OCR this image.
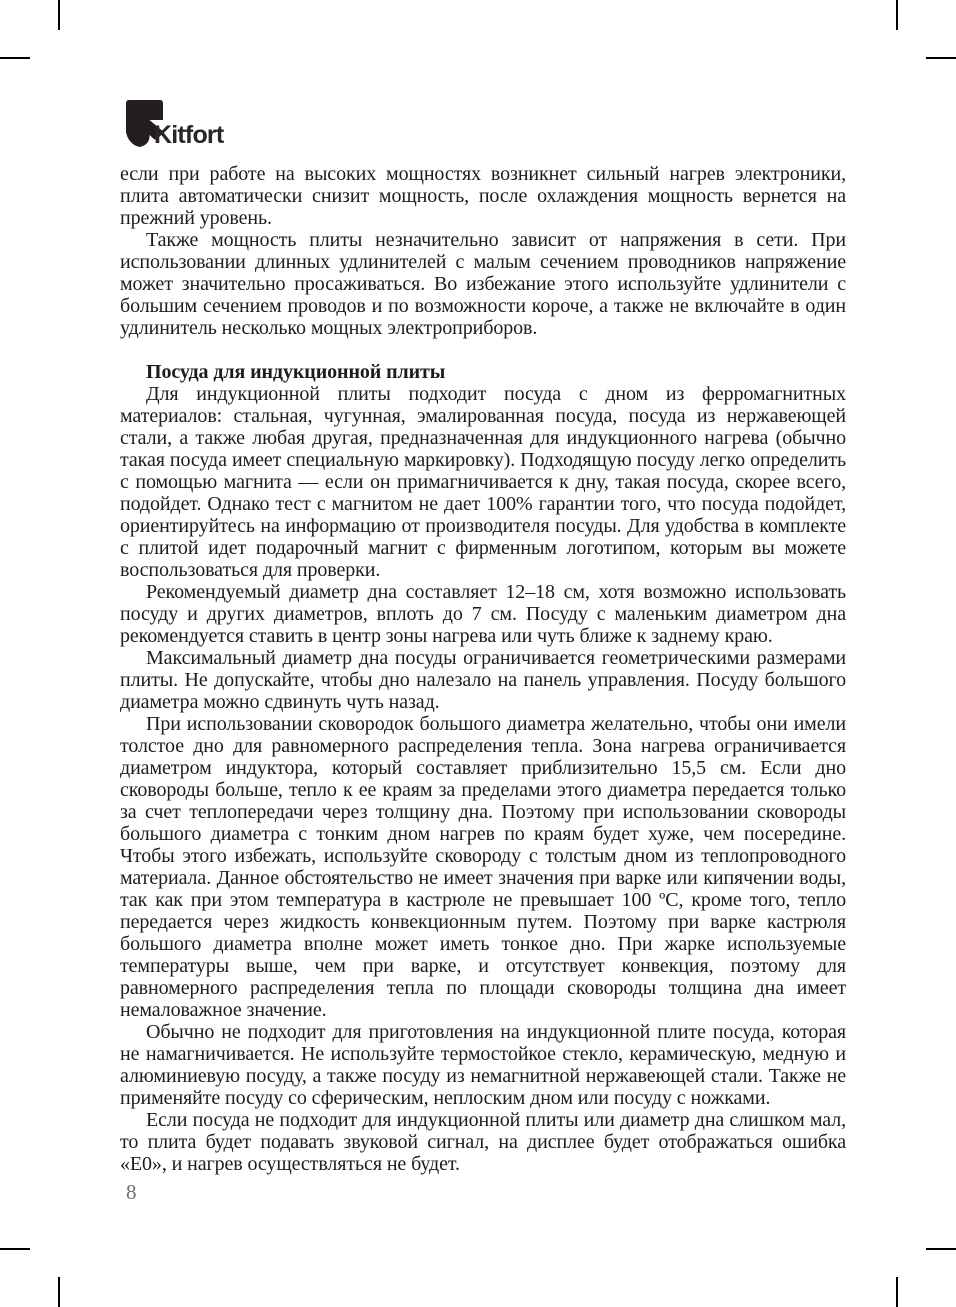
Kitfort

если при работе на высоких мощностях возникнет сильный нагрев электроники, плита автоматически снизит мощность, после охлаждения мощность вернется на прежний уровень.

Также мощность плиты незначительно зависит от напряжения в сети. При использовании длинных удлинителей с малым сечением проводников напряжение может значительно просаживаться. Во избежание этого используйте удлинители с большим сечением проводов и по возможности короче, а также не включайте в один удлинитель несколько мощных электроприборов.

Посуда для индукционной плиты

Для индукционной плиты подходит посуда с дном из ферромагнитных материалов: стальная, чугунная, эмалированная посуда, посуда из нержавеющей стали, а также любая другая, предназначенная для индукционного нагрева (обычно такая посуда имеет специальную маркировку). Подходящую посуду легко определить с помощью магнита — если он примагничивается к дну, такая посуда, скорее всего, подойдет. Однако тест с магнитом не дает 100% гарантии того, что посуда подойдет, ориентируйтесь на информацию от производителя посуды. Для удобства в комплекте с плитой идет подарочный магнит с фирменным логотипом, которым вы можете воспользоваться для проверки.

Рекомендуемый диаметр дна составляет 12–18 см, хотя возможно использовать посуду и других диаметров, вплоть до 7 см. Посуду с маленьким диаметром дна рекомендуется ставить в центр зоны нагрева или чуть ближе к заднему краю.

Максимальный диаметр дна посуды ограничивается геометрическими размерами плиты. Не допускайте, чтобы дно налезало на панель управления. Посуду большого диаметра можно сдвинуть чуть назад.

При использовании сковородок большого диаметра желательно, чтобы они имели толстое дно для равномерного распределения тепла. Зона нагрева ограничивается диаметром индуктора, который составляет приблизительно 15,5 см. Если дно сковороды больше, тепло к ее краям за пределами этого диаметра передается только за счет теплопередачи через толщину дна. Поэтому при использовании сковороды большого диаметра с тонким дном нагрев по краям будет хуже, чем посередине. Чтобы этого избежать, используйте сковороду с толстым дном из теплопроводного материала. Данное обстоятельство не имеет значения при варке или кипячении воды, так как при этом температура в кастрюле не превышает 100 ºС, кроме того, тепло передается через жидкость конвекционным путем. Поэтому при варке кастрюля большого диаметра вполне может иметь тонкое дно. При жарке используемые температуры выше, чем при варке, и отсутствует конвекция, поэтому для равномерного распределения тепла по площади сковороды толщина дна имеет немаловажное значение.

Обычно не подходит для приготовления на индукционной плите посуда, которая не намагничивается. Не используйте термостойкое стекло, керамическую, медную и алюминиевую посуду, а также посуду из немагнитной нержавеющей стали. Также не применяйте посуду со сферическим, неплоским дном или посуду с ножками.

Если посуда не подходит для индукционной плиты или диаметр дна слишком мал, то плита будет подавать звуковой сигнал, на дисплее будет отображаться ошибка «Е0», и нагрев осуществляться не будет.

8
